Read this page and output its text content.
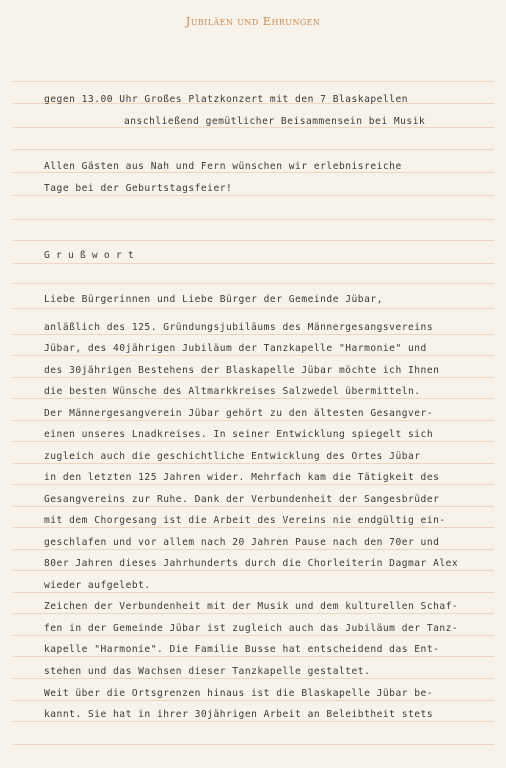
Jubiläen und Ehrungen
gegen 13.00 Uhr Großes Platzkonzert mit den 7 Blaskapellen
anschließend gemütlicher Beisammensein bei Musik
Allen Gästen aus Nah und Fern wünschen wir erlebnisreiche
Tage bei der Geburtstagsfeier!
Grußwort
Liebe Bürgerinnen und Liebe Bürger der Gemeinde Jübar,
anläßlich des 125. Gründungsjubiläums des Männergesangsvereins
Jübar, des 40jährigen Jubiläum der Tanzkapelle "Harmonie" und
des 30jährigen Bestehens der Blaskapelle Jübar möchte ich Ihnen
die besten Wünsche des Altmarkkreises Salzwedel übermitteln.
Der Männergesangverein Jübar gehört zu den ältesten Gesangver-
einen unseres Lnadkreises. In seiner Entwicklung spiegelt sich
zugleich auch die geschichtliche Entwicklung des Ortes Jübar
in den letzten 125 Jahren wider. Mehrfach kam die Tätigkeit des
Gesangvereins zur Ruhe. Dank der Verbundenheit der Sangesbrüder
mit dem Chorgesang ist die Arbeit des Vereins nie endgültig ein-
geschlafen und vor allem nach 20 Jahren Pause nach den 70er und
80er Jahren dieses Jahrhunderts durch die Chorleiterin Dagmar Alex
wieder aufgelebt.
Zeichen der Verbundenheit mit der Musik und dem kulturellen Schaf-
fen in der Gemeinde Jübar ist zugleich auch das Jubiläum der Tanz-
kapelle "Harmonie". Die Familie Busse hat entscheidend das Ent-
stehen und das Wachsen dieser Tanzkapelle gestaltet.
Weit über die Ortsgrenzen hinaus ist die Blaskapelle Jübar be-
kannt. Sie hat in ihrer 30jährigen Arbeit an Beleibtheit stets
